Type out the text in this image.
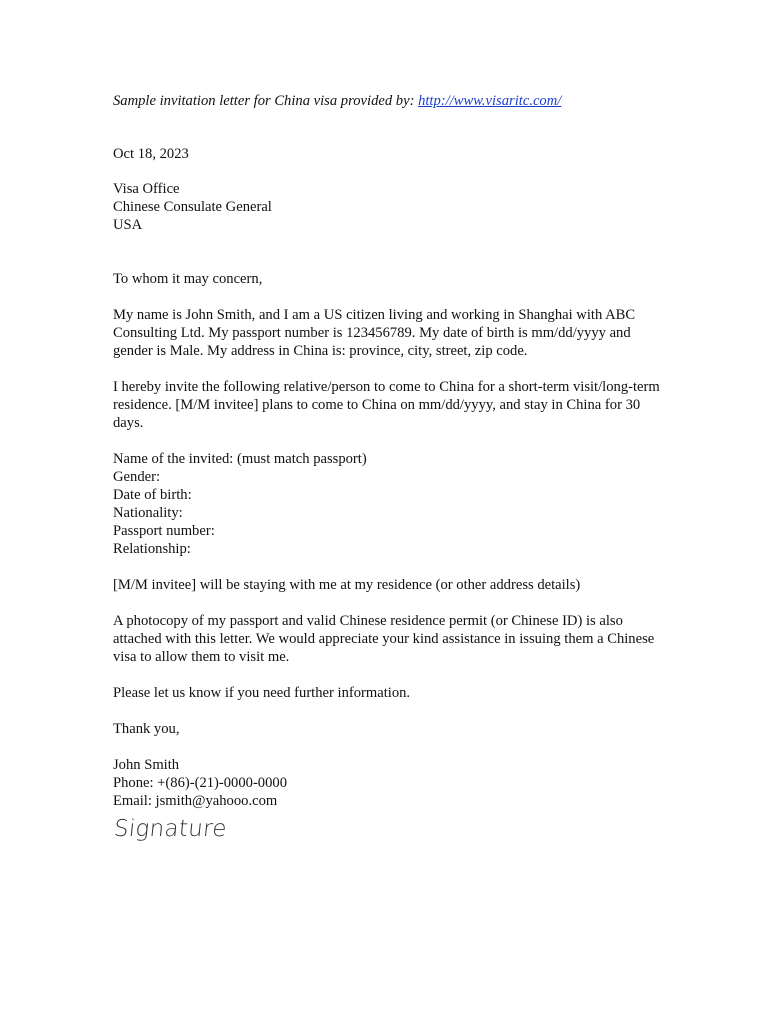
Sample invitation letter for China visa provided by: http://www.visaritc.com/

Oct 18, 2023
Visa Office
Chinese Consulate General
USA

To whom it may concern,

My name is John Smith, and I am a US citizen living and working in Shanghai with ABC Consulting Ltd. My passport number is 123456789. My date of birth is mm/dd/yyyy and gender is Male. My address in China is: province, city, street, zip code.

I hereby invite the following relative/person to come to China for a short-term visit/long-term residence. [M/M invitee] plans to come to China on mm/dd/yyyy, and stay in China for 30 days.

Name of the invited: (must match passport)
Gender:
Date of birth:
Nationality:
Passport number:
Relationship:

[M/M invitee] will be staying with me at my residence (or other address details)

A photocopy of my passport and valid Chinese residence permit (or Chinese ID) is also attached with this letter. We would appreciate your kind assistance in issuing them a Chinese visa to allow them to visit me.

Please let us know if you need further information.

Thank you,

John Smith
Phone: +(86)-(21)-0000-0000
Email: jsmith@yahooo.com
Signature
